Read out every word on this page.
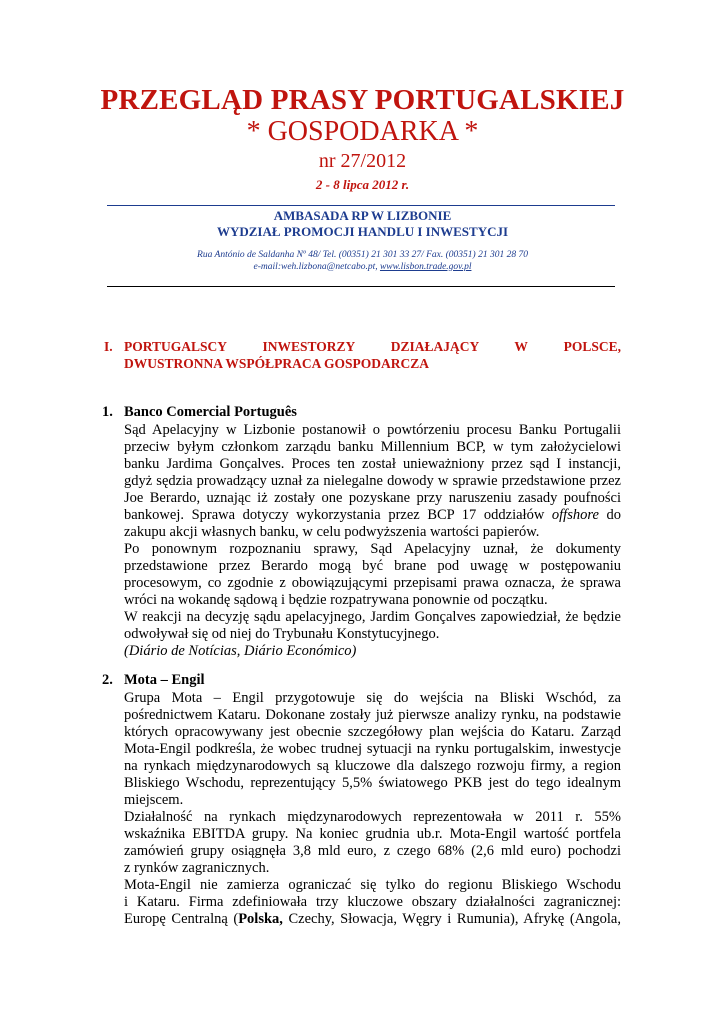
PRZEGLĄD PRASY PORTUGALSKIEJ
* GOSPODARKA *
nr 27/2012
2 - 8 lipca 2012 r.
AMBASADA RP W LIZBONIE
WYDZIAŁ PROMOCJI HANDLU I INWESTYCJI
Rua António de Saldanha Nº 48/ Tel. (00351) 21 301 33 27/ Fax. (00351) 21 301 28 70
e-mail:weh.lizbona@netcabo.pt, www.lisbon.trade.gov.pl
I. PORTUGALSCY INWESTORZY DZIAŁAJĄCY W POLSCE,
DWUSTRONNA WSPÓŁPRACA GOSPODARCZA
1. Banco Comercial Português
Sąd Apelacyjny w Lizbonie postanowił o powtórzeniu procesu Banku Portugalii
przeciw byłym członkom zarządu banku Millennium BCP, w tym założycielowi
banku Jardima Gonçalves. Proces ten został unieważniony przez sąd I instancji,
gdyż sędzia prowadzący uznał za nielegalne dowody w sprawie przedstawione przez
Joe Berardo, uznając iż zostały one pozyskane przy naruszeniu zasady poufności
bankowej. Sprawa dotyczy wykorzystania przez BCP 17 oddziałów offshore do
zakupu akcji własnych banku, w celu podwyższenia wartości papierów.
Po ponownym rozpoznaniu sprawy, Sąd Apelacyjny uznał, że dokumenty
przedstawione przez Berardo mogą być brane pod uwagę w postępowaniu
procesowym, co zgodnie z obowiązującymi przepisami prawa oznacza, że sprawa
wróci na wokandę sądową i będzie rozpatrywana ponownie od początku.
W reakcji na decyzję sądu apelacyjnego, Jardim Gonçalves zapowiedział, że będzie
odwoływał się od niej do Trybunału Konstytucyjnego.
(Diário de Notícias, Diário Económico)
2. Mota – Engil
Grupa Mota – Engil przygotowuje się do wejścia na Bliski Wschód, za
pośrednictwem Kataru. Dokonane zostały już pierwsze analizy rynku, na podstawie
których opracowywany jest obecnie szczegółowy plan wejścia do Kataru. Zarząd
Mota-Engil podkreśla, że wobec trudnej sytuacji na rynku portugalskim, inwestycje
na rynkach międzynarodowych są kluczowe dla dalszego rozwoju firmy, a region
Bliskiego Wschodu, reprezentujący 5,5% światowego PKB jest do tego idealnym
miejscem.
Działalność na rynkach międzynarodowych reprezentowała w 2011 r. 55%
wskaźnika EBITDA grupy. Na koniec grudnia ub.r. Mota-Engil wartość portfela
zamówień grupy osiągnęła 3,8 mld euro, z czego 68% (2,6 mld euro) pochodzi
z rynków zagranicznych.
Mota-Engil nie zamierza ograniczać się tylko do regionu Bliskiego Wschodu
i Kataru. Firma zdefiniowała trzy kluczowe obszary działalności zagranicznej:
Europę Centralną (Polska, Czechy, Słowacja, Węgry i Rumunia), Afrykę (Angola,
